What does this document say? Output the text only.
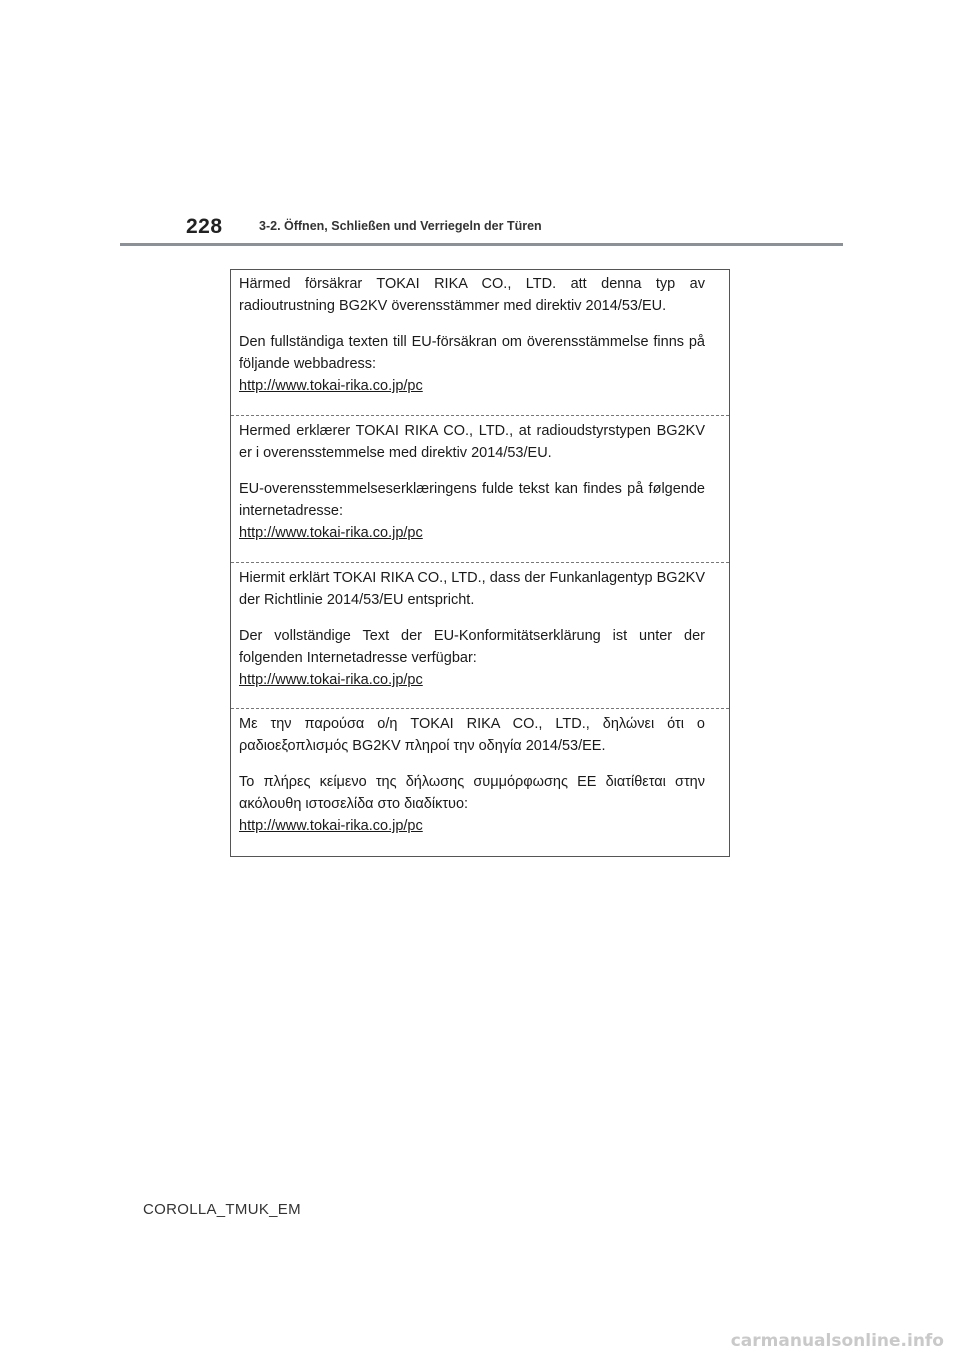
228	3-2. Öffnen, Schließen und Verriegeln der Türen

Härmed försäkrar TOKAI RIKA CO., LTD. att denna typ av radioutrustning BG2KV överensstämmer med direktiv 2014/53/EU.

Den fullständiga texten till EU-försäkran om överensstämmelse finns på följande webbadress:
http://www.tokai-rika.co.jp/pc

Hermed erklærer TOKAI RIKA CO., LTD., at radioudstyrstypen BG2KV er i overensstemmelse med direktiv 2014/53/EU.

EU-overensstemmelseserklæringens fulde tekst kan findes på følgende internetadresse:
http://www.tokai-rika.co.jp/pc

Hiermit erklärt TOKAI RIKA CO., LTD., dass der Funkanlagentyp BG2KV der Richtlinie 2014/53/EU entspricht.

Der vollständige Text der EU-Konformitätserklärung ist unter der folgenden Internetadresse verfügbar:
http://www.tokai-rika.co.jp/pc

Με την παρούσα ο/η TOKAI RIKA CO., LTD., δηλώνει ότι ο ραδιοεξοπλισμός BG2KV πληροί την οδηγία 2014/53/ΕΕ.

Το πλήρες κείμενο της δήλωσης συμμόρφωσης ΕΕ διατίθεται στην ακόλουθη ιστοσελίδα στο διαδίκτυο:
http://www.tokai-rika.co.jp/pc

COROLLA_TMUK_EM
carmanualsonline.info
